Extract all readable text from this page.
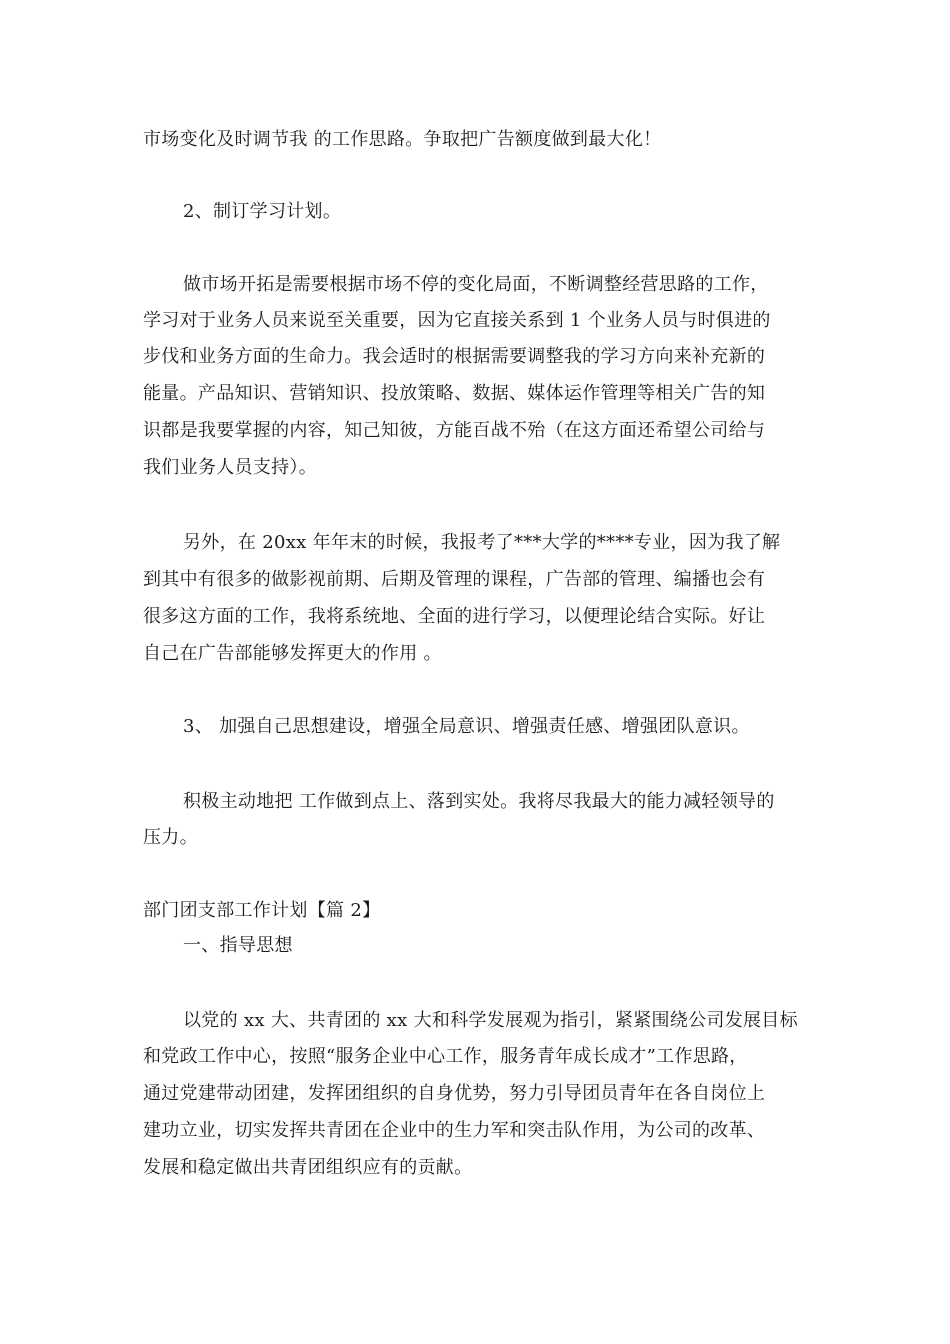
市场变化及时调节我 的工作思路。争取把广告额度做到最大化！
2、制订学习计划。
做市场开拓是需要根据市场不停的变化局面，不断调整经营思路的工作，
学习对于业务人员来说至关重要，因为它直接关系到 1 个业务人员与时俱进的
步伐和业务方面的生命力。我会适时的根据需要调整我的学习方向来补充新的
能量。产品知识、营销知识、投放策略、数据、媒体运作管理等相关广告的知
识都是我要掌握的内容，知己知彼，方能百战不殆（在这方面还希望公司给与
我们业务人员支持）。
另外，在 20xx 年年末的时候，我报考了***大学的****专业，因为我了解
到其中有很多的做影视前期、后期及管理的课程，广告部的管理、编播也会有
很多这方面的工作，我将系统地、全面的进行学习，以便理论结合实际。好让
自己在广告部能够发挥更大的作用 。
3、 加强自己思想建设，增强全局意识、增强责任感、增强团队意识。
积极主动地把 工作做到点上、落到实处。我将尽我最大的能力减轻领导的
压力。
部门团支部工作计划【篇 2】
一、指导思想
以党的 xx 大、共青团的 xx 大和科学发展观为指引，紧紧围绕公司发展目标
和党政工作中心，按照“服务企业中心工作，服务青年成长成才”工作思路，
通过党建带动团建，发挥团组织的自身优势，努力引导团员青年在各自岗位上
建功立业，切实发挥共青团在企业中的生力军和突击队作用，为公司的改革、
发展和稳定做出共青团组织应有的贡献。
